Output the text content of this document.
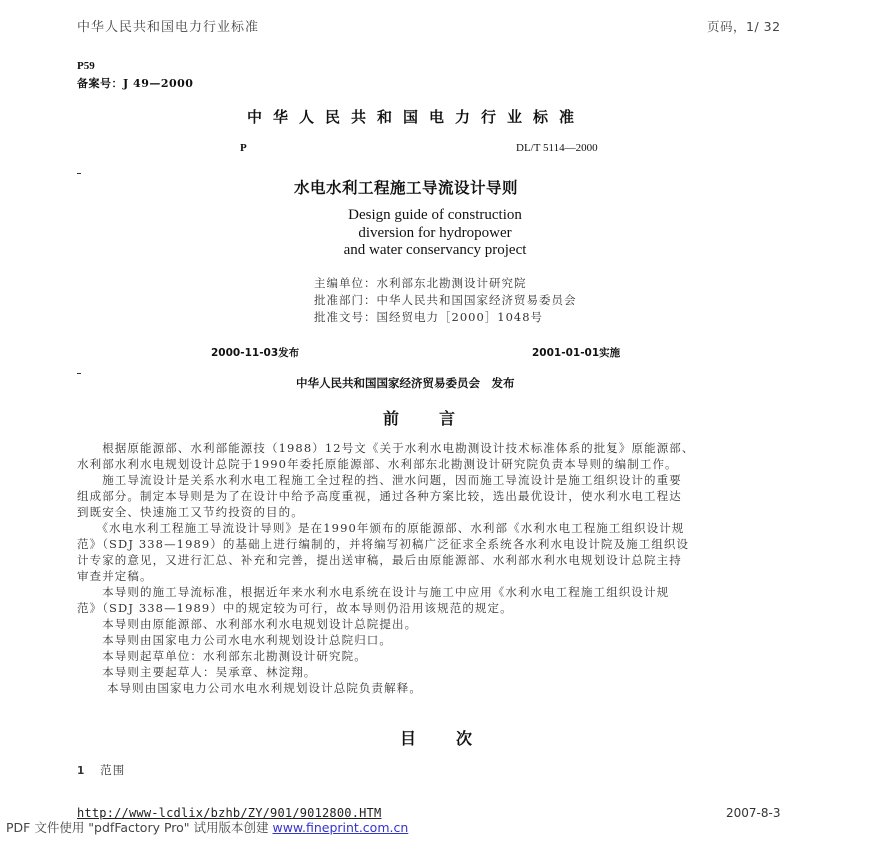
中华人民共和国电力行业标准	页码，1/ 32
P59
备案号：J 49—2000
中华人民共和国电力行业标准
P	DL/T 5114—2000
水电水利工程施工导流设计导则
Design guide of construction
diversion for hydropower
and water conservancy project
主编单位：水利部东北勘测设计研究院
批准部门：中华人民共和国国家经济贸易委员会
批准文号：国经贸电力［2000］1048号
2000-11-03发布	2001-01-01实施
中华人民共和国国家经济贸易委员会　发布
前言
　　根据原能源部、水利部能源技（1988）12号文《关于水利水电勘测设计技术标准体系的批复》原能源部、
水利部水利水电规划设计总院于1990年委托原能源部、水利部东北勘测设计研究院负责本导则的编制工作。
　　施工导流设计是关系水利水电工程施工全过程的挡、泄水问题，因而施工导流设计是施工组织设计的重要
组成部分。制定本导则是为了在设计中给予高度重视，通过各种方案比较，选出最优设计，使水利水电工程达
到既安全、快速施工又节约投资的目的。
　　《水电水利工程施工导流设计导则》是在1990年颁布的原能源部、水利部《水利水电工程施工组织设计规
范》（SDJ 338—1989）的基础上进行编制的，并将编写初稿广泛征求全系统各水利水电设计院及施工组织设
计专家的意见，又进行汇总、补充和完善，提出送审稿，最后由原能源部、水利部水利水电规划设计总院主持
审查并定稿。
　　本导则的施工导流标准，根据近年来水利水电系统在设计与施工中应用《水利水电工程施工组织设计规
范》（SDJ 338—1989）中的规定较为可行，故本导则仍沿用该规范的规定。
　　本导则由原能源部、水利部水利水电规划设计总院提出。
　　本导则由国家电力公司水电水利规划设计总院归口。
　　本导则起草单位：水利部东北勘测设计研究院。
　　本导则主要起草人：吴承章、林淀翔。
　　 本导则由国家电力公司水电水利规划设计总院负责解释。
目次
1 范围
http://www-lcdlix/bzhb/ZY/901/9012800.HTM	2007-8-3
PDF 文件使用 "pdfFactory Pro" 试用版本创建 www.fineprint.com.cn
